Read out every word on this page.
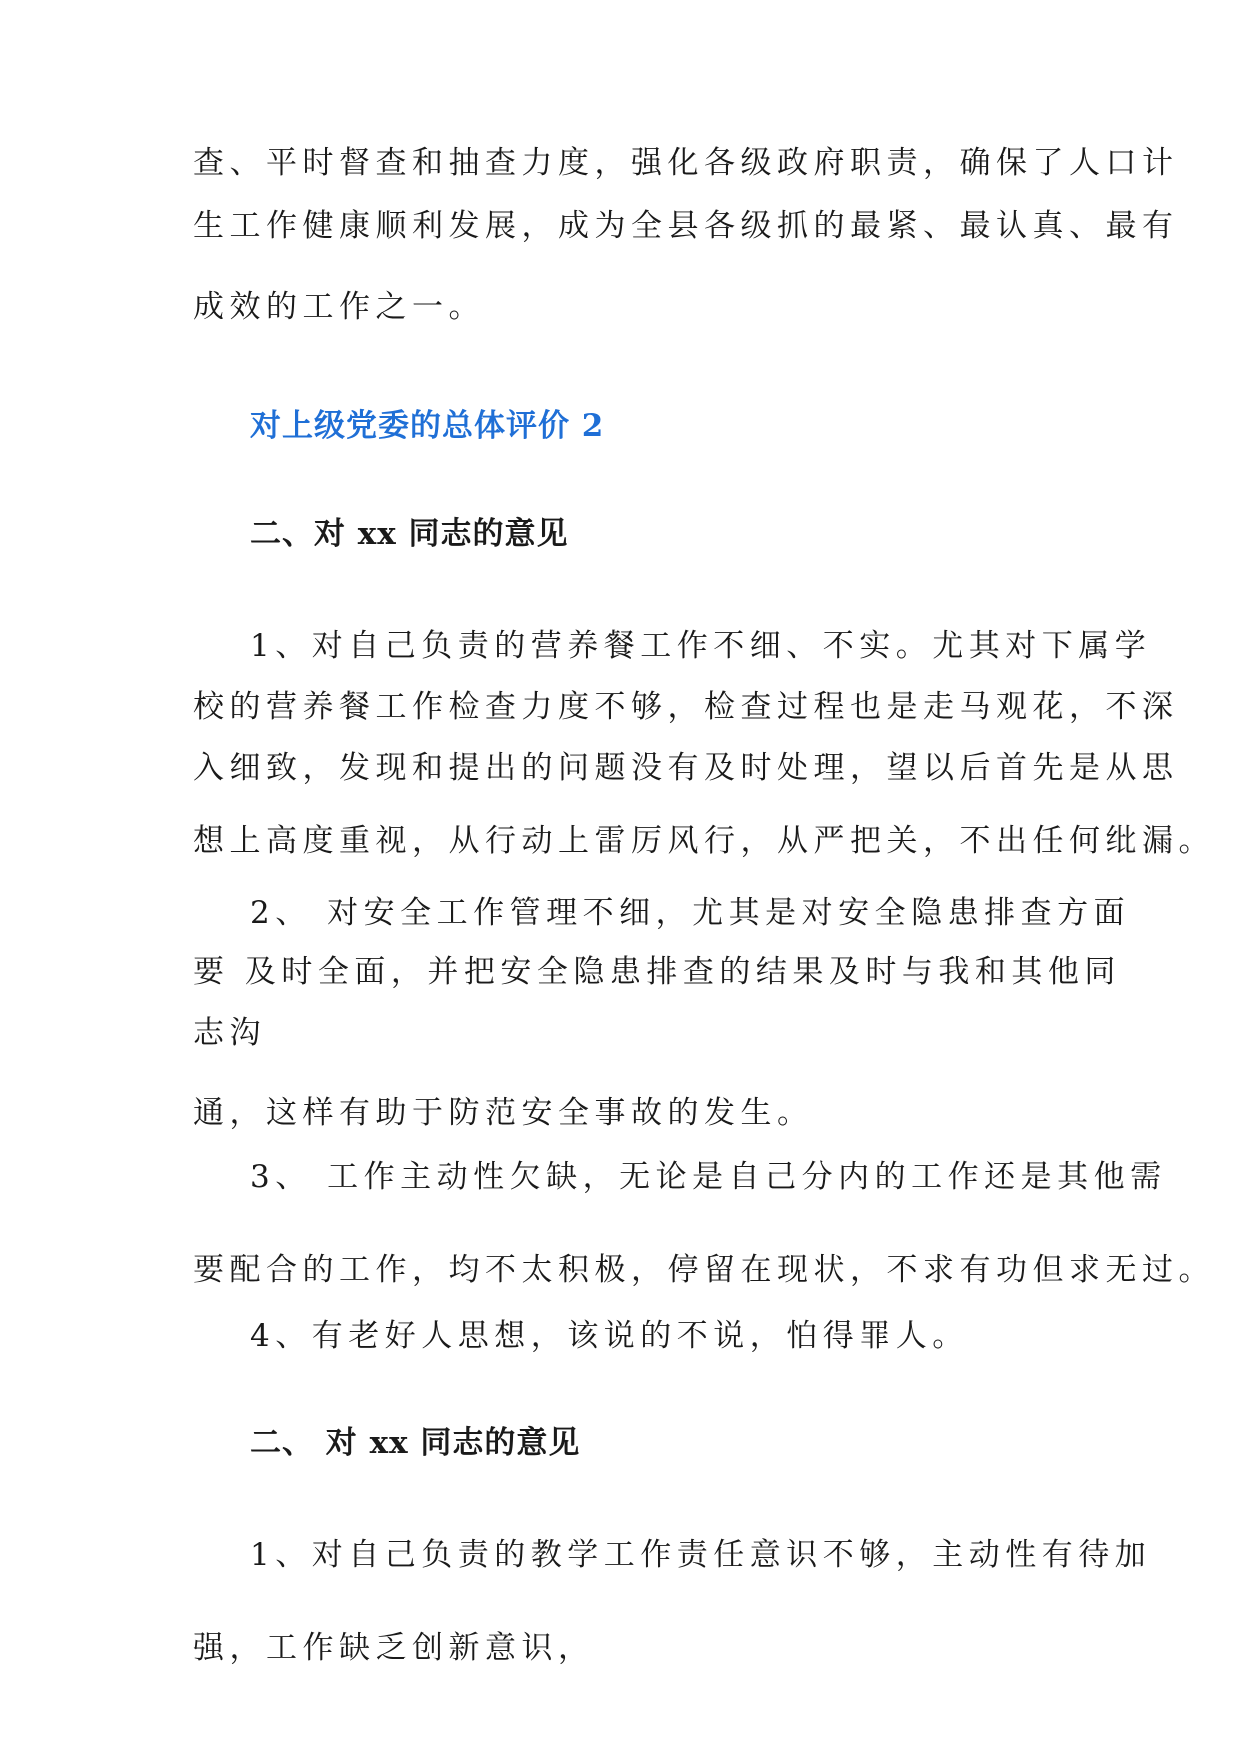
查、平时督查和抽查力度，强化各级政府职责，确保了人口计

生工作健康顺利发展，成为全县各级抓的最紧、最认真、最有

成效的工作之一。

对上级党委的总体评价 2

二、对 xx 同志的意见

1、对自己负责的营养餐工作不细、不实。尤其对下属学

校的营养餐工作检查力度不够，检查过程也是走马观花，不深

入细致，发现和提出的问题没有及时处理，望以后首先是从思

想上高度重视，从行动上雷厉风行，从严把关，不出任何纰漏。

2、 对安全工作管理不细，尤其是对安全隐患排查方面

要 及时全面，并把安全隐患排查的结果及时与我和其他同

志沟

通，这样有助于防范安全事故的发生。

3、 工作主动性欠缺，无论是自己分内的工作还是其他需

要配合的工作，均不太积极，停留在现状，不求有功但求无过。

4、有老好人思想，该说的不说，怕得罪人。

二、 对 xx 同志的意见

1、对自己负责的教学工作责任意识不够，主动性有待加

强，工作缺乏创新意识，
